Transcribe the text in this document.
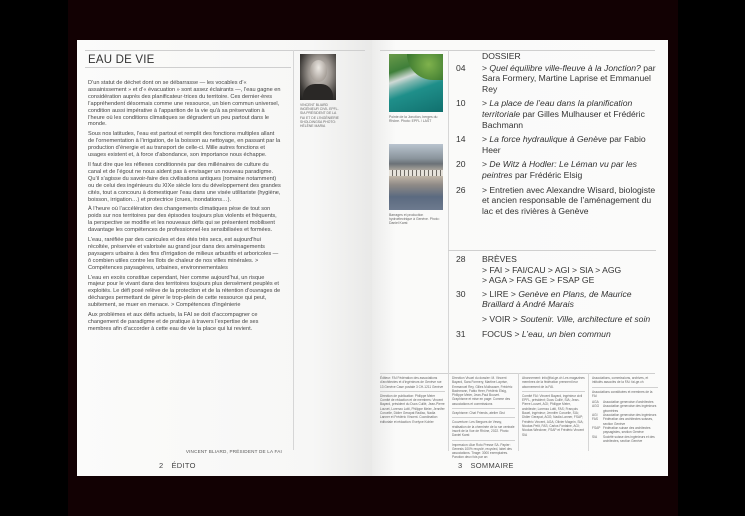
EAU DE VIE

D’un statut de déchet dont on se débarrasse — les vocables d’« assainissement » et d’« évacuation » sont assez éclairants —, l’eau gagne en considération auprès des planificateur·trices du territoire. Ces dernier·ères l’appréhendent désormais comme une ressource, un bien commun universel, condition aussi impérative à l’apparition de la vie qu’à sa préservation à l’heure où les conditions climatiques se dégradent un peu partout dans le monde.

Sous nos latitudes, l’eau est partout et remplit des fonctions multiples allant de l’ornementation à l’irrigation, de la boisson au nettoyage, en passant par la production d’énergie et au transport de celle-ci. Mille autres fonctions et usages existent et, à force d’abondance, son importance nous échappe.

Il faut dire que les réflexes conditionnés par des millénaires de culture du canal et de l’égout ne nous aident pas à envisager un nouveau paradigme. Qu’il s’agisse du savoir-faire des civilisations antiques (romaine notamment) ou de celui des ingénieurs du XIXe siècle lors du développement des grandes cités, tout a concouru à domestiquer l’eau dans une visée utilitariste (hygiène, boisson, irrigation…) et protectrice (crues, inondations…).

À l’heure où l’accélération des changements climatiques pèse de tout son poids sur nos territoires par des épisodes toujours plus violents et fréquents, la perspective se modifie et les nouveaux défis qui se présentent mobilisent davantage les compétences de professionnel·les sensibilisées et formées.

L’eau, raréfiée par des canicules et des étés très secs, est aujourd’hui récoltée, préservée et valorisée au grand jour dans des aménagements paysagers urbains à des fins d’irrigation de milieux arbustifs et arboricoles — ô combien utiles contre les îlots de chaleur de nos villes minérales. > Compétences paysagères, urbaines, environnementales

L’eau en excès constitue cependant, hier comme aujourd’hui, un risque majeur pour le vivant dans des territoires toujours plus densément peuplés et exploités. Le défi posé relève de la protection et de la rétention d’ouvrages de décharges permettant de gérer le trop-plein de cette ressource qui peut, subitement, se muer en menace. > Compétences d’ingénierie

Aux problèmes et aux défis actuels, la FAI se doit d’accompagner ce changement de paradigme et de pratique à travers l’expertise de ses membres afin d’accorder à cette eau de vie la place qui lui revient.

VINCENT BLIARD, PRÉSIDENT DE LA FAI
VINCENT BLIARD INGÉNIEUR CIVIL EPFL-SIA PRÉSIDENT DE LA FAI ET DE L’INGÉNIERIE SHOLDINGSA PHOTO: HÉLÈNE MARIA
2 ÉDITO
Pointe de la Jonction, berges du Rhône. Photo: EPFL / LAST
Barrages et production hydroélectrique à Genève. Photo: Daniel Karst
DOSSIER
04	> Quel équilibre ville-fleuve à la Jonction? par Sara Formery, Martine Laprise et Emmanuel Rey
10	> La place de l’eau dans la planification territoriale par Gilles Mulhauser et Frédéric Bachmann
14	> La force hydraulique à Genève par Fabio Heer
20	> De Witz à Hodler: Le Léman vu par les peintres par Frédéric Elsig
26	> Entretien avec Alexandre Wisard, biologiste et ancien responsable de l’aménagement du lac et des rivières à Genève
28	BRÈVES
> FAI > FAI/CAU > AGI > SIA > AGG
> AGA > FAS GE > FSAP GE
30	> LIRE > Genève en Plans, de Maurice Braillard à André Marais
> VOIR > Soutenir. Ville, architecture et soin
31	FOCUS > L’eau, un bien commun

Éditeur: FAI Fédération des associations d’architectes et d’ingénieurs de Genève rue 13 Genève Case postale 3 CH-1211 Genève

Direction de publication: Philippe Meier Comité de rédaction et de membres: Vincent Bayard, président du Ducs Cuillé, Jean-Pierre Louvet, Lorenzo Lotti, Philippe Meier, Jennifer Coruelle, Didier Gerapat Radlac, Nadia Lanner et Frédéric Vincent. Coordination éditoriale et rédaction: Evelyne Kohler

Direction Visuel du dossier: M. Vincent Bayard, Sara Formery, Martine Laprise, Emmanuel Rey, Gilles Mulhauser, Frédéric Bachmann, Fabio Heer, Frédéric Elsig, Philippe Meier, Jean-Paul Bouvet. Graphisme et mise en page: Comme des associations et commissions

Graphisme: Chat Friends, atelier Gist

Couverture: Les Bergues de Vessy, réalisation de la cheminée de la rue centrale inscrit de la Vue de Rhône, 2022. Photo: Daniel Karst

Impression: Atar Roto Presse SA. Papier: Genesis 100% recyclé, recycled, label des associations. Tirage: 3000 exemplaires. Parution deux fois par an

Abonnement: info@fai-ge.ch Les magazines membres de la fédération prennent leur abonnement de la FAI.

Comité FAI: Vincent Bayard, ingénieur civil EPFL, président; Ducs Cuillé, SIA; Jean-Pierre Louvet, AGI; Philippe Meier, architecte; Lorenzo Lotti, FAS; François Bauel, ingénieur; Jennifer Coruelle, SIA; Didier Gerapat, AGG; Nadia Lanner, FSAP; Frédéric Vincent, AGA; Olivier Magnin, SIA; Nicolas Petit, FAS; Carlos Fontaine, AGI; Nicolas Wieckner, FSAP et Frédéric Vincent SIA

Associations, commissions, archives, et intitulés associés de la FAI: fai-ge.ch

Associations constituées et membres de la FAI

AGA	Association genevoise d’architectes
AGG	Association genevoise des ingénieurs géomètres
AGI	Association genevoise des ingénieurs
FAS	Fédération des architectes suisses, section Genève
FSAP Fédération suisse des architectes paysagistes, section Genève
SIA	Société suisse des ingénieurs et des architectes, section Genève
3 SOMMAIRE
